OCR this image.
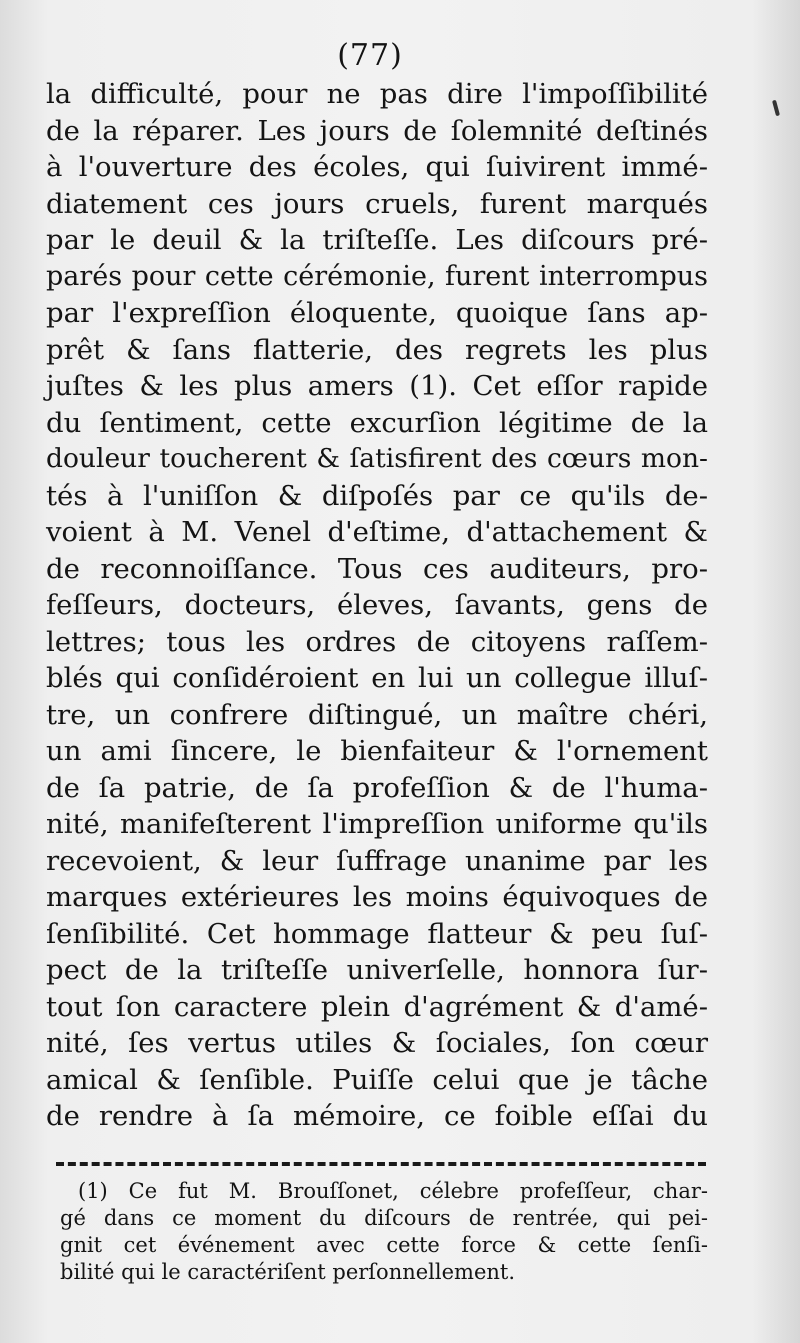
(77)
la difficulté, pour ne pas dire l'impoſſibilité
de la réparer. Les jours de ſolemnité deſtinés
à l'ouverture des écoles, qui ſuivirent immé-
diatement ces jours cruels, furent marqués
par le deuil & la triſteſſe. Les diſcours pré-
parés pour cette cérémonie, furent interrompus
par l'expreſſion éloquente, quoique ſans ap-
prêt & ſans flatterie, des regrets les plus
juſtes & les plus amers (1). Cet eſſor rapide
du ſentiment, cette excurſion légitime de la
douleur toucherent & ſatisfirent des cœurs mon-
tés à l'uniſſon & diſpoſés par ce qu'ils de-
voient à M. Venel d'eſtime, d'attachement &
de reconnoiſſance. Tous ces auditeurs, pro-
feſſeurs, docteurs, éleves, ſavants, gens de
lettres; tous les ordres de citoyens raſſem-
blés qui conſidéroient en lui un collegue illuſ-
tre, un confrere diſtingué, un maître chéri,
un ami ſincere, le bienfaiteur & l'ornement
de ſa patrie, de ſa profeſſion & de l'huma-
nité, manifeſterent l'impreſſion uniforme qu'ils
recevoient, & leur ſuffrage unanime par les
marques extérieures les moins équivoques de
ſenſibilité. Cet hommage flatteur & peu ſuſ-
pect de la triſteſſe univerſelle, honnora ſur-
tout ſon caractere plein d'agrément & d'amé-
nité, ſes vertus utiles & ſociales, ſon cœur
amical & ſenſible. Puiſſe celui que je tâche
de rendre à ſa mémoire, ce foible eſſai du
(1) Ce fut M. Brouſſonet, célebre profeſſeur, char-
gé dans ce moment du diſcours de rentrée, qui pei-
gnit cet événement avec cette force & cette ſenſi-
bilité qui le caractériſent perſonnellement.
